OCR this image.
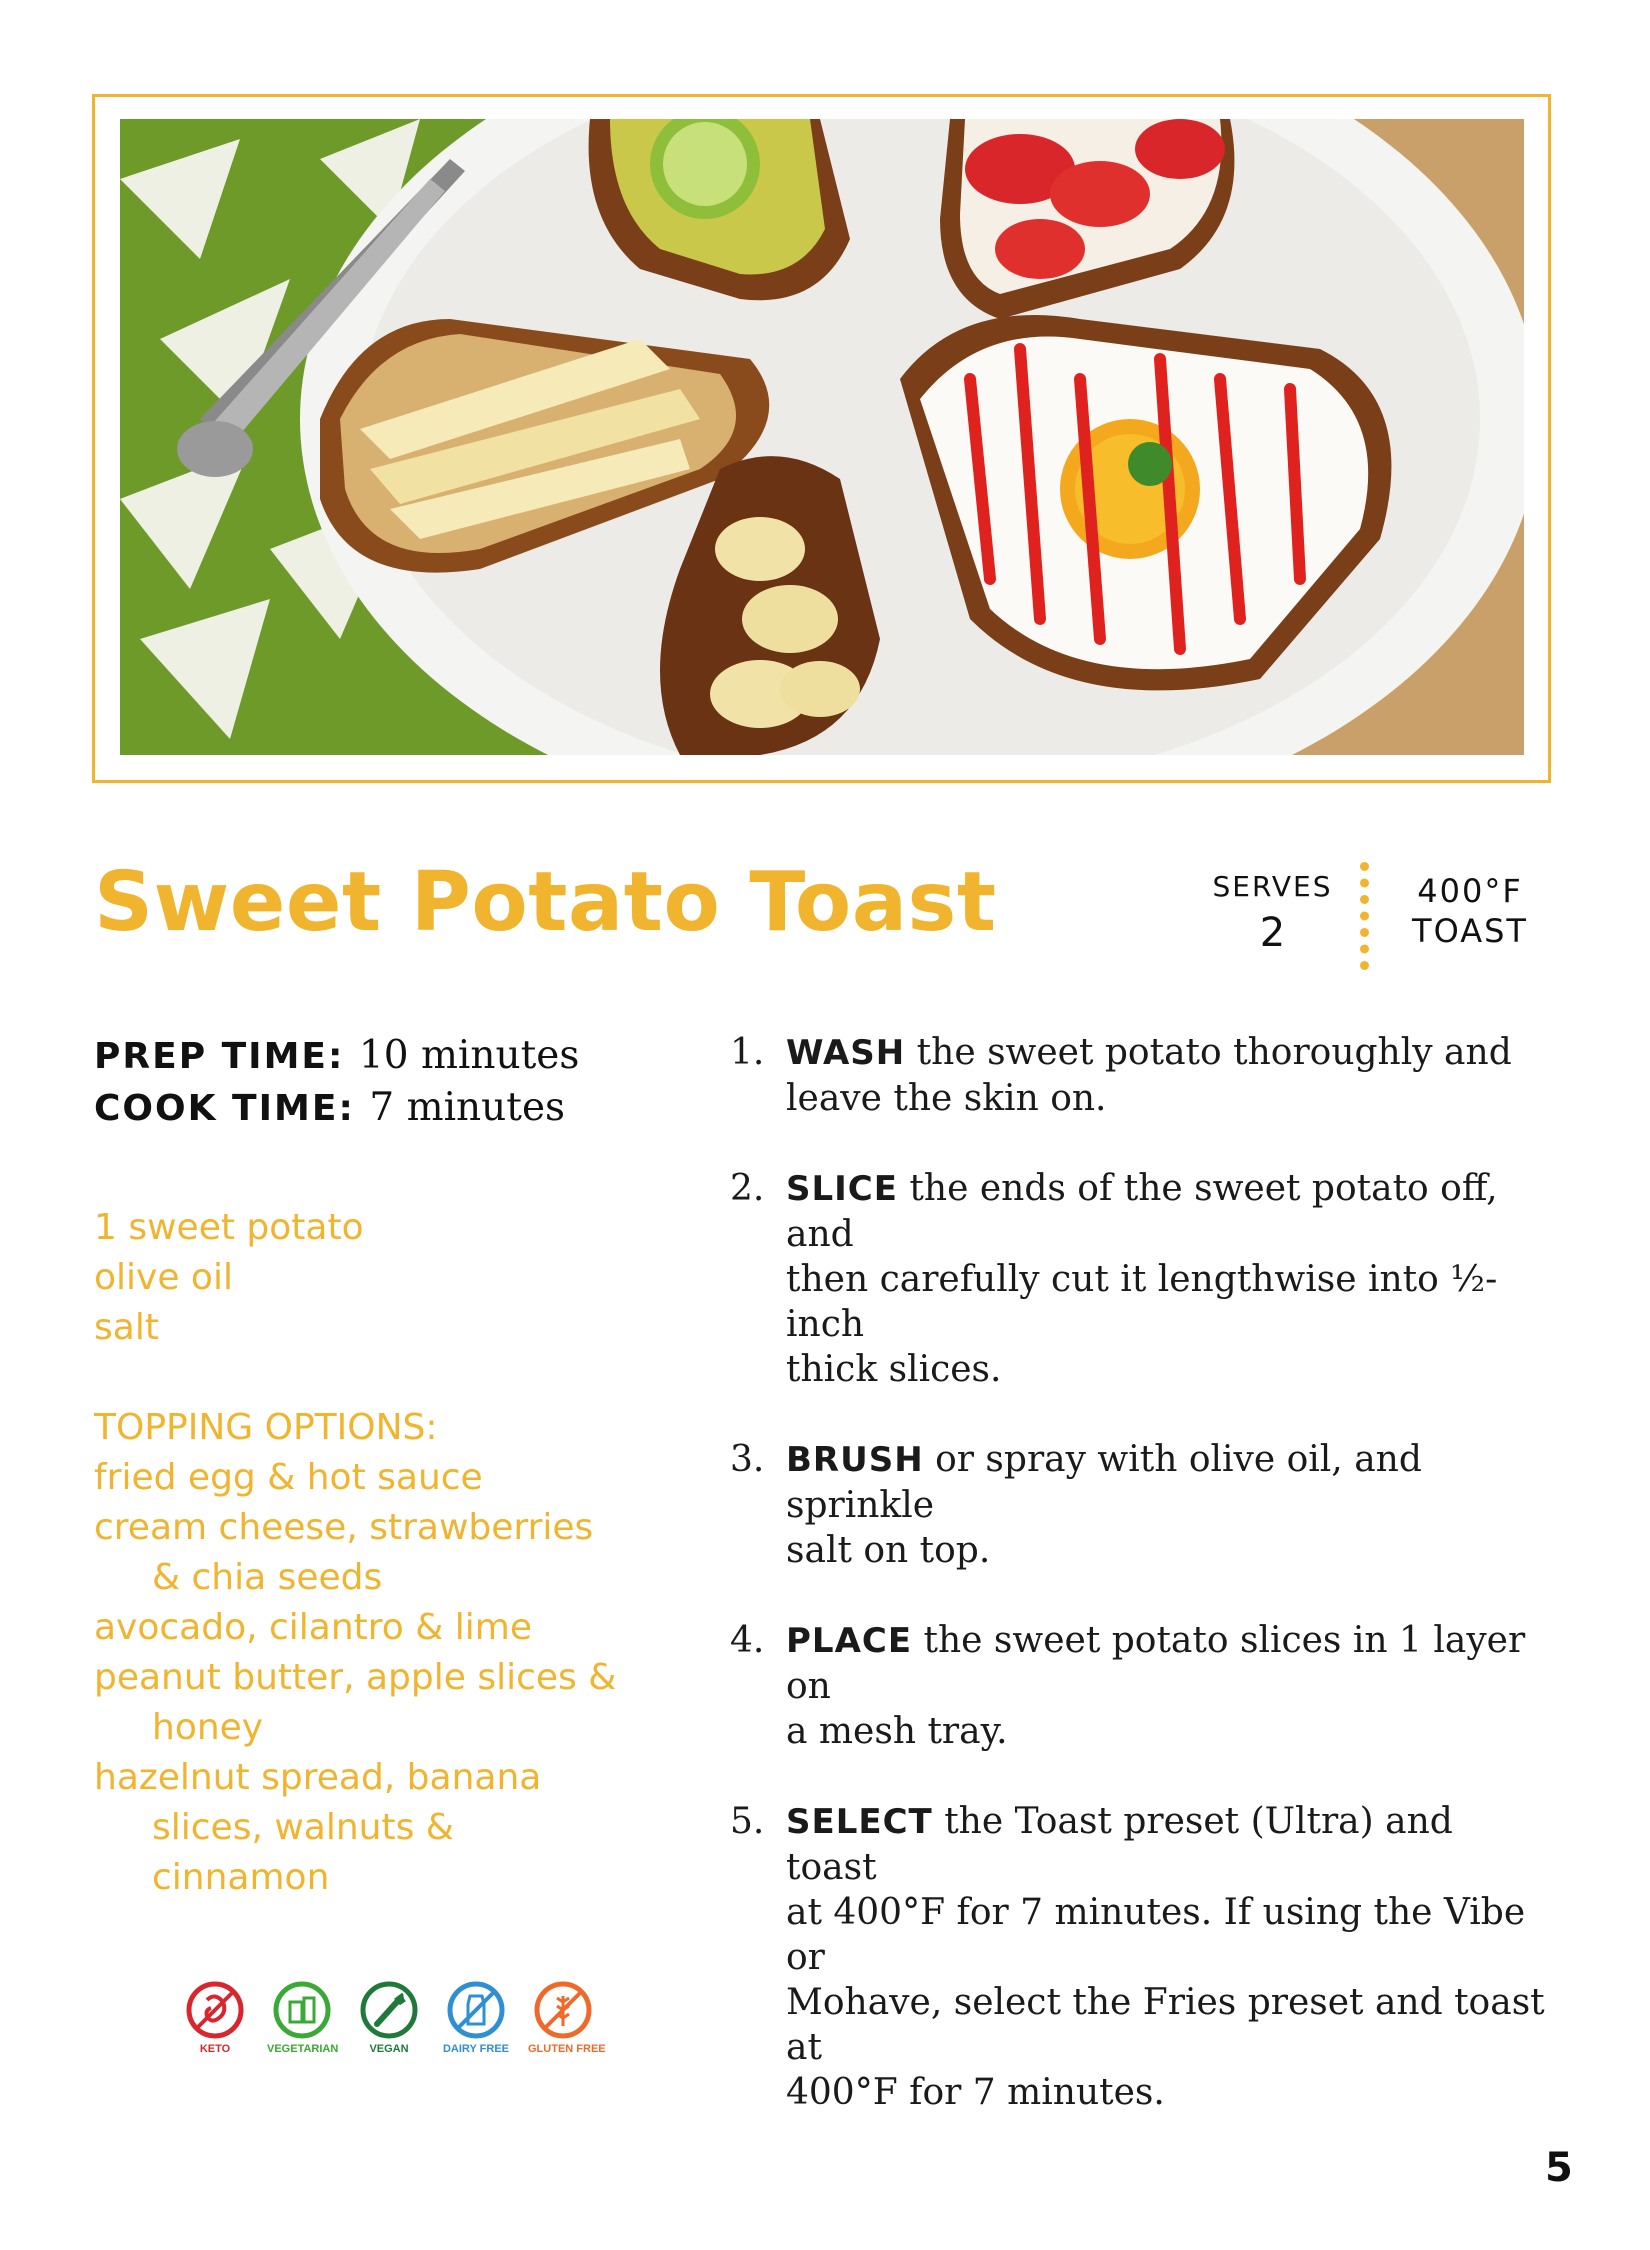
Sweet Potato Toast	SERVES
2
400°F
TOAST
PREP TIME: 10 minutes
COOK TIME: 7 minutes
1 sweet potato
olive oil
salt
TOPPING OPTIONS:
fried egg & hot sauce
cream cheese, strawberries
& chia seeds
avocado, cilantro & lime
peanut butter, apple slices &
honey
hazelnut spread, banana
slices, walnuts &
cinnamon
1. WASH the sweet potato thoroughly and
leave the skin on.
2. SLICE the ends of the sweet potato off, and
then carefully cut it lengthwise into ½-inch
thick slices.
3. BRUSH or spray with olive oil, and sprinkle
salt on top.
4. PLACE the sweet potato slices in 1 layer on
a mesh tray.
5. SELECT the Toast preset (Ultra) and toast
at 400°F for 7 minutes. If using the Vibe or
Mohave, select the Fries preset and toast at
400°F for 7 minutes.
KETO	VEGETARIAN	VEGAN	DAIRY FREE GLUTEN FREE
5
